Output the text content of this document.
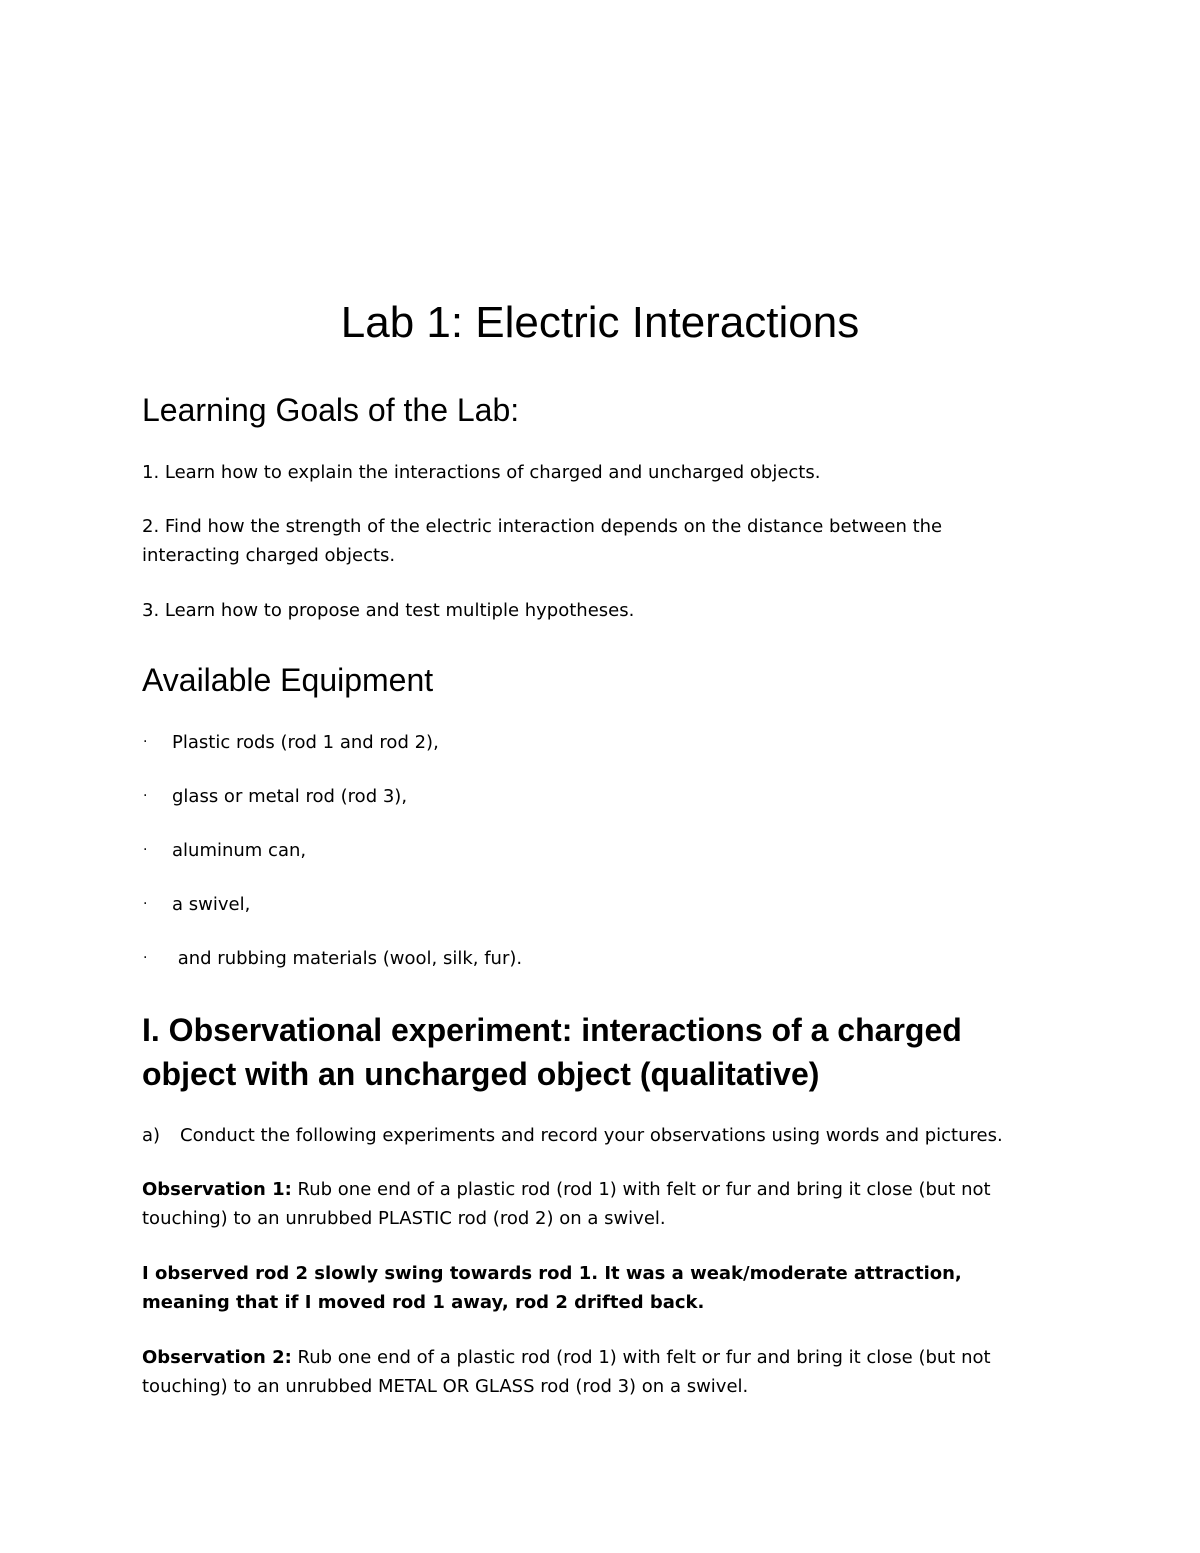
Lab 1: Electric Interactions
Learning Goals of the Lab:

1. Learn how to explain the interactions of charged and uncharged objects.

2. Find how the strength of the electric interaction depends on the distance between the interacting charged objects.

3. Learn how to propose and test multiple hypotheses.

Available Equipment
· Plastic rods (rod 1 and rod 2),
· glass or metal rod (rod 3),
· aluminum can,
· a swivel,
· and rubbing materials (wool, silk, fur).
I. Observational experiment: interactions of a charged object with an uncharged object (qualitative)

a)	Conduct the following experiments and record your observations using words and pictures.

Observation 1: Rub one end of a plastic rod (rod 1) with felt or fur and bring it close (but not touching) to an unrubbed PLASTIC rod (rod 2) on a swivel.

I observed rod 2 slowly swing towards rod 1. It was a weak/moderate attraction, meaning that if I moved rod 1 away, rod 2 drifted back.

Observation 2: Rub one end of a plastic rod (rod 1) with felt or fur and bring it close (but not touching) to an unrubbed METAL OR GLASS rod (rod 3) on a swivel.
